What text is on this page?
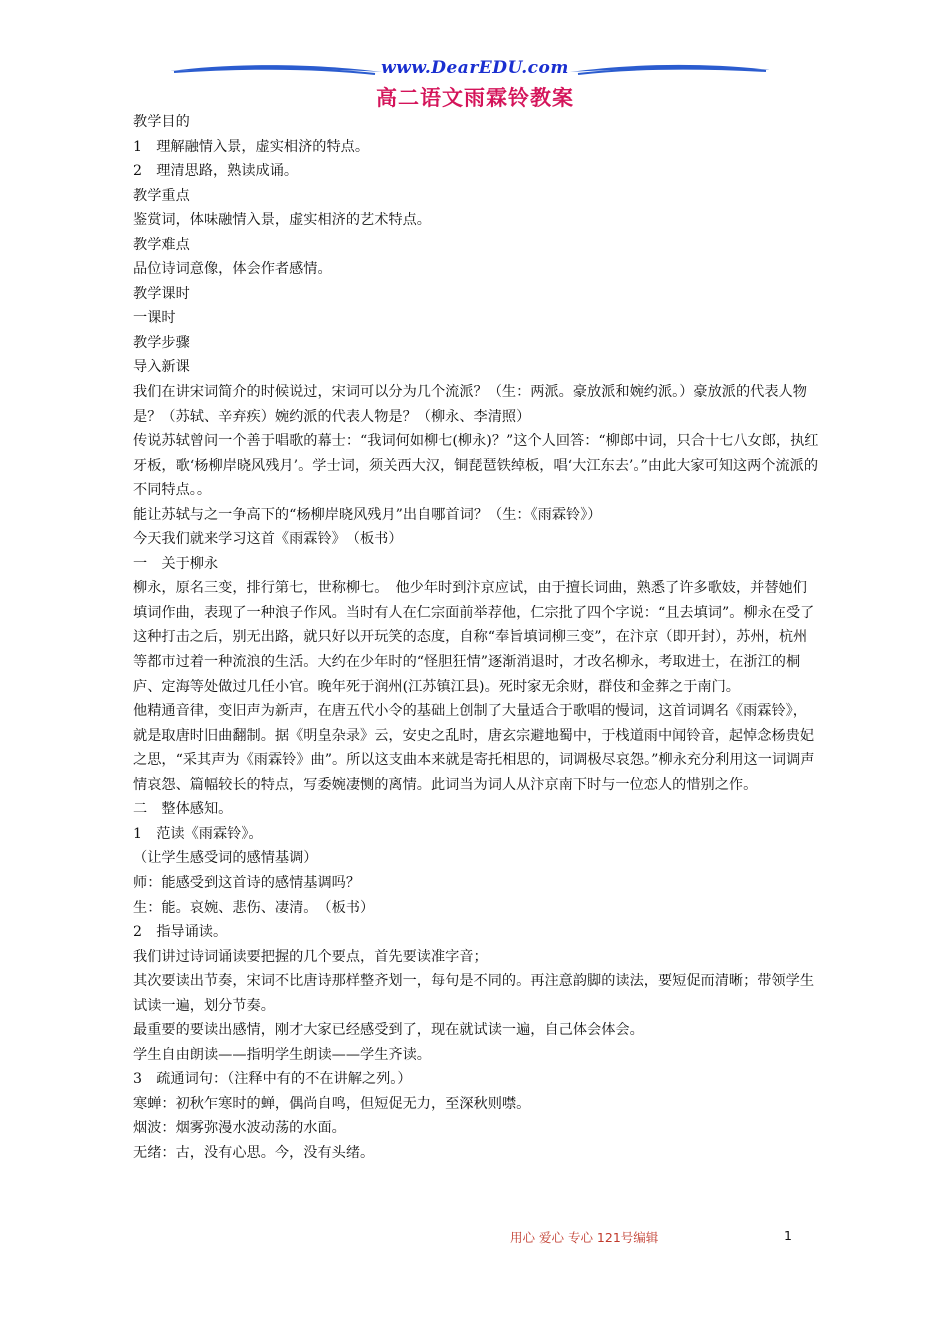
www.DearEDU.com
高二语文雨霖铃教案

教学目的

1　理解融情入景，虚实相济的特点。

2　理清思路，熟读成诵。

教学重点

鉴赏词，体味融情入景，虚实相济的艺术特点。

教学难点

品位诗词意像，体会作者感情。

教学课时

一课时

教学步骤

导入新课

我们在讲宋词简介的时候说过，宋词可以分为几个流派？（生：两派。豪放派和婉约派。）豪放派的代表人物是？（苏轼、辛弃疾）婉约派的代表人物是？（柳永、李清照）

传说苏轼曾问一个善于唱歌的幕士：“我词何如柳七(柳永)？”这个人回答：“柳郎中词，只合十七八女郎，执红牙板，歌‘杨柳岸晓风残月’。学士词，须关西大汉，铜琵琶铁绰板，唱‘大江东去’。”由此大家可知这两个流派的不同特点。。

能让苏轼与之一争高下的“杨柳岸晓风残月”出自哪首词？（生：《雨霖铃》）

今天我们就来学习这首《雨霖铃》　（板书）

一　关于柳永

柳永，原名三变，排行第七，世称柳七。　他少年时到汴京应试，由于擅长词曲，熟悉了许多歌妓，并替她们填词作曲，表现了一种浪子作风。当时有人在仁宗面前举荐他，仁宗批了四个字说：“且去填词”。柳永在受了这种打击之后，别无出路，就只好以开玩笑的态度，自称“奉旨填词柳三变”，在汴京（即开封），苏州，杭州等都市过着一种流浪的生活。大约在少年时的“怪胆狂情”逐渐消退时，才改名柳永，考取进士，在浙江的桐庐、定海等处做过几任小官。晚年死于润州(江苏镇江县)。死时家无余财，群伎和金葬之于南门。

他精通音律，变旧声为新声，在唐五代小令的基础上创制了大量适合于歌唱的慢词，这首词调名《雨霖铃》，就是取唐时旧曲翻制。据《明皇杂录》云，安史之乱时，唐玄宗避地蜀中，于栈道雨中闻铃音，起悼念杨贵妃之思，“采其声为《雨霖铃》曲”。所以这支曲本来就是寄托相思的，词调极尽哀怨。”柳永充分利用这一词调声情哀怨、篇幅较长的特点，写委婉凄恻的离情。此词当为词人从汴京南下时与一位恋人的惜别之作。

二　整体感知。

1　范读《雨霖铃》。

（让学生感受词的感情基调）

师：能感受到这首诗的感情基调吗？

生：能。哀婉、悲伤、凄清。　（板书）

2　指导诵读。

我们讲过诗词诵读要把握的几个要点，首先要读准字音；

其次要读出节奏，宋词不比唐诗那样整齐划一，每句是不同的。再注意韵脚的读法，要短促而清晰；带领学生试读一遍，划分节奏。

最重要的要读出感情，刚才大家已经感受到了，现在就试读一遍，自己体会体会。

学生自由朗读——指明学生朗读——学生齐读。

3　疏通词句：（注释中有的不在讲解之列。）

寒蝉：初秋乍寒时的蝉，偶尚自鸣，但短促无力，至深秋则噤。

烟波：烟雾弥漫水波动荡的水面。

无绪：古，没有心思。今，没有头绪。

用心 爱心 专心 121号编辑	1
